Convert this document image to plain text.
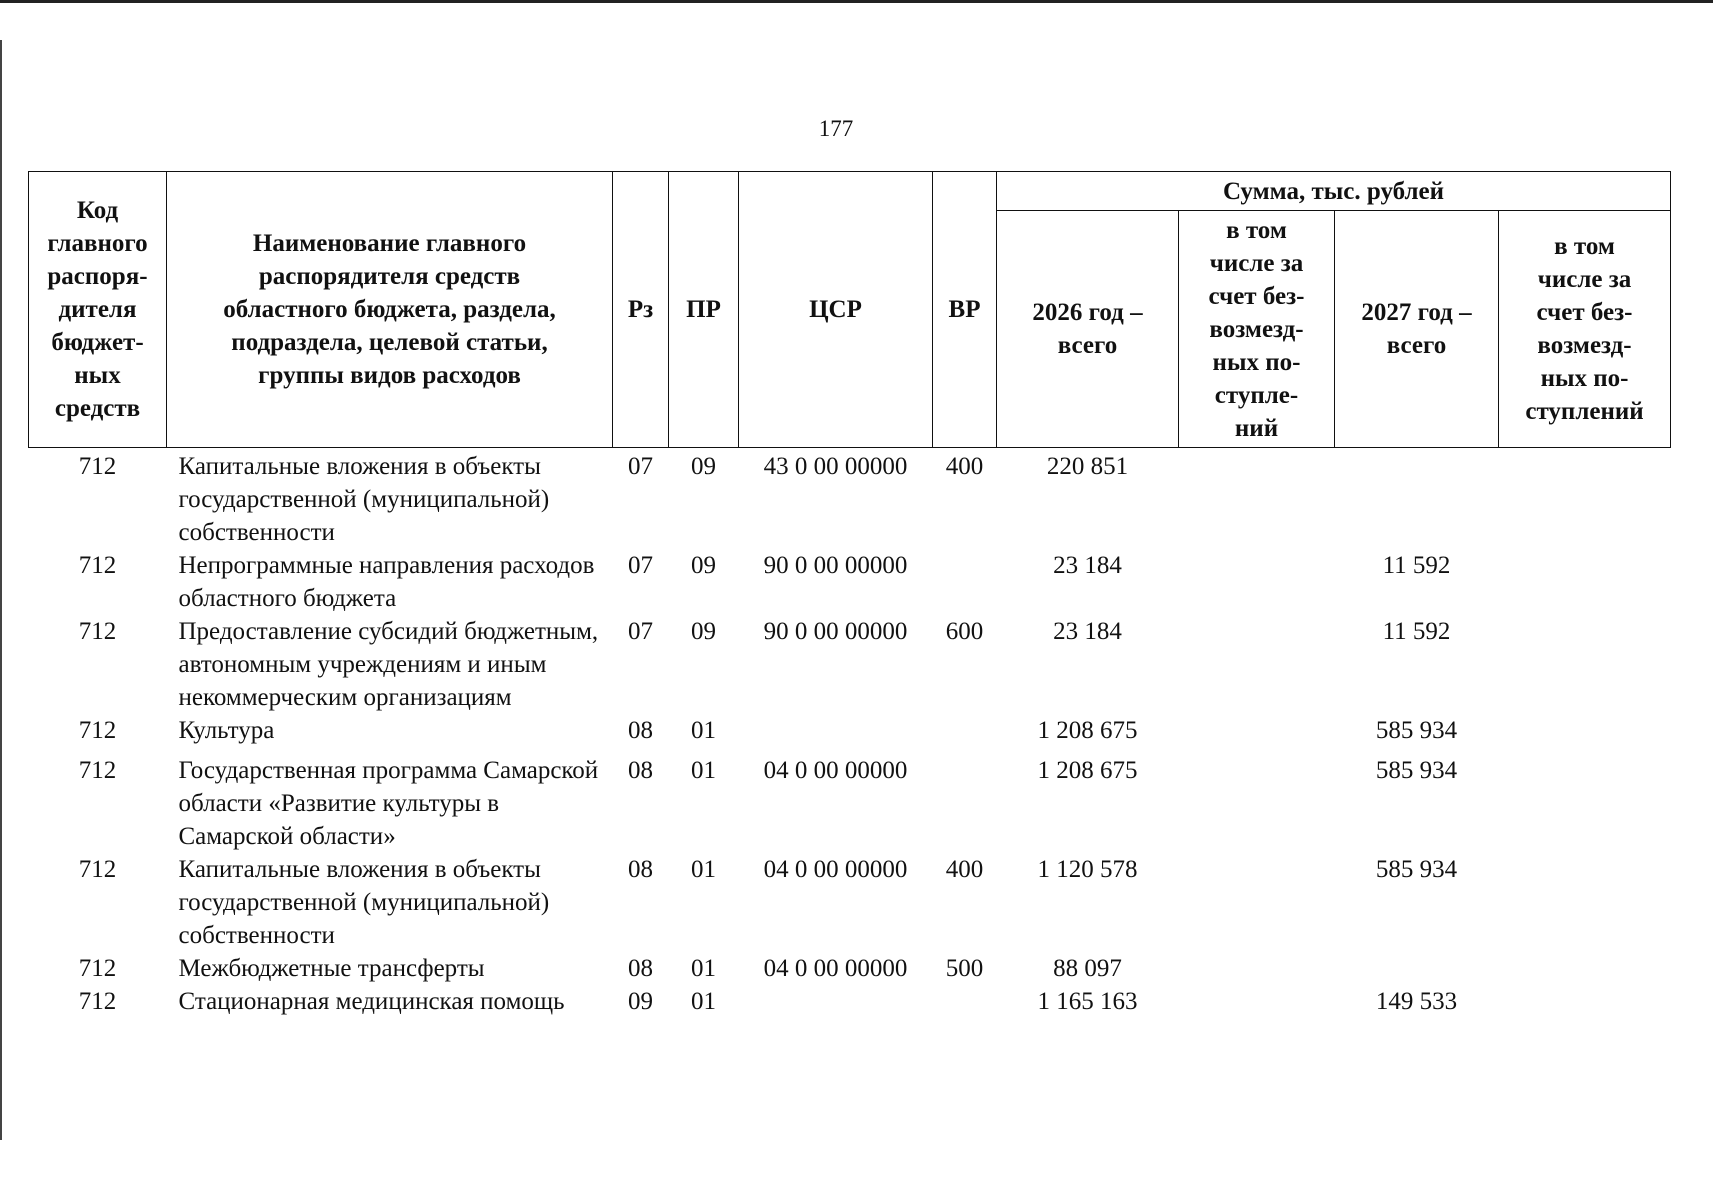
177
Код главного распоря-дителя бюджет-ных средств	Наименование главного распорядителя средств областного бюджета, раздела, подраздела, целевой статьи, группы видов расходов	Рз	ПР	ЦСР	ВР	Сумма, тыс. рублей			
						2026 год – всего	в том числе за счет без-возмезд-ных по-ступле-ний	2027 год – всего	в том числе за счет без-возмезд-ных по-ступлений
712	Капитальные вложения в объекты государственной (муниципальной) собственности	07	09	43 0 00 00000	400	220 851			
712	Непрограммные направления расходов областного бюджета	07	09	90 0 00 00000		23 184		11 592	
712	Предоставление субсидий бюджетным, автономным учреждениям и иным некоммерческим организациям	07	09	90 0 00 00000	600	23 184		11 592	
712	Культура	08	01			1 208 675		585 934	
712	Государственная программа Самарской области «Развитие культуры в Самарской области»	08	01	04 0 00 00000		1 208 675		585 934	
712	Капитальные вложения в объекты государственной (муниципальной) собственности	08	01	04 0 00 00000	400	1 120 578		585 934	
712	Межбюджетные трансферты	08	01	04 0 00 00000	500	88 097			
712	Стационарная медицинская помощь	09	01			1 165 163		149 533	
